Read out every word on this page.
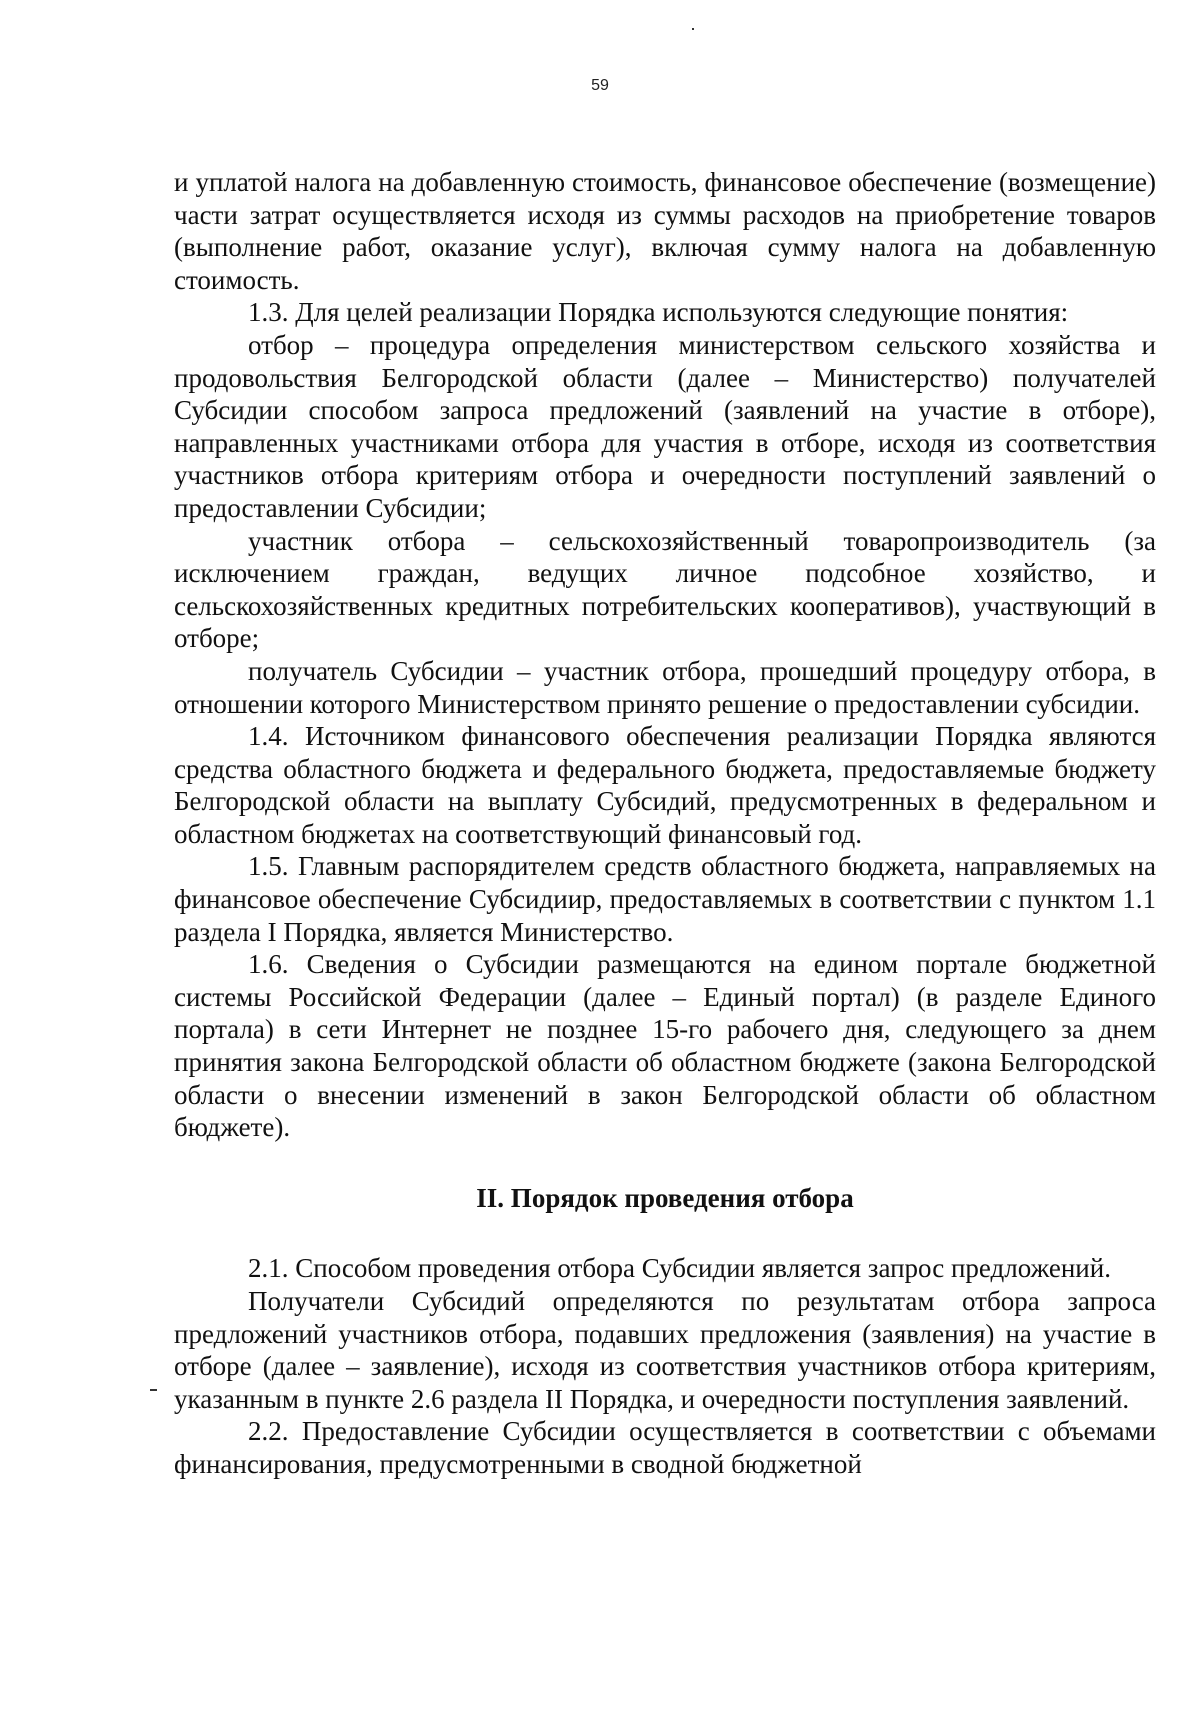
59

и уплатой налога на добавленную стоимость, финансовое обеспечение (возмещение) части затрат осуществляется исходя из суммы расходов на приобретение товаров (выполнение работ, оказание услуг), включая сумму налога на добавленную стоимость.

1.3. Для целей реализации Порядка используются следующие понятия:

отбор – процедура определения министерством сельского хозяйства и продовольствия Белгородской области (далее – Министерство) получателей Субсидии способом запроса предложений (заявлений на участие в отборе), направленных участниками отбора для участия в отборе, исходя из соответствия участников отбора критериям отбора и очередности поступлений заявлений о предоставлении Субсидии;

участник отбора – сельскохозяйственный товаропроизводитель (за исключением граждан, ведущих личное подсобное хозяйство, и сельскохозяйственных кредитных потребительских кооперативов), участвующий в отборе;

получатель Субсидии – участник отбора, прошедший процедуру отбора, в отношении которого Министерством принято решение о предоставлении субсидии.

1.4. Источником финансового обеспечения реализации Порядка являются средства областного бюджета и федерального бюджета, предоставляемые бюджету Белгородской области на выплату Субсидий, предусмотренных в федеральном и областном бюджетах на соответствующий финансовый год.

1.5. Главным распорядителем средств областного бюджета, направляемых на финансовое обеспечение Субсидиир, предоставляемых в соответствии с пунктом 1.1 раздела I Порядка, является Министерство.

1.6. Сведения о Субсидии размещаются на едином портале бюджетной системы Российской Федерации (далее – Единый портал) (в разделе Единого портала) в сети Интернет не позднее 15-го рабочего дня, следующего за днем принятия закона Белгородской области об областном бюджете (закона Белгородской области о внесении изменений в закон Белгородской области об областном бюджете).

II. Порядок проведения отбора

2.1. Способом проведения отбора Субсидии является запрос предложений.

Получатели Субсидий определяются по результатам отбора запроса предложений участников отбора, подавших предложения (заявления) на участие в отборе (далее – заявление), исходя из соответствия участников отбора критериям, указанным в пункте 2.6 раздела II Порядка, и очередности поступления заявлений.

2.2. Предоставление Субсидии осуществляется в соответствии с объемами финансирования, предусмотренными в сводной бюджетной
